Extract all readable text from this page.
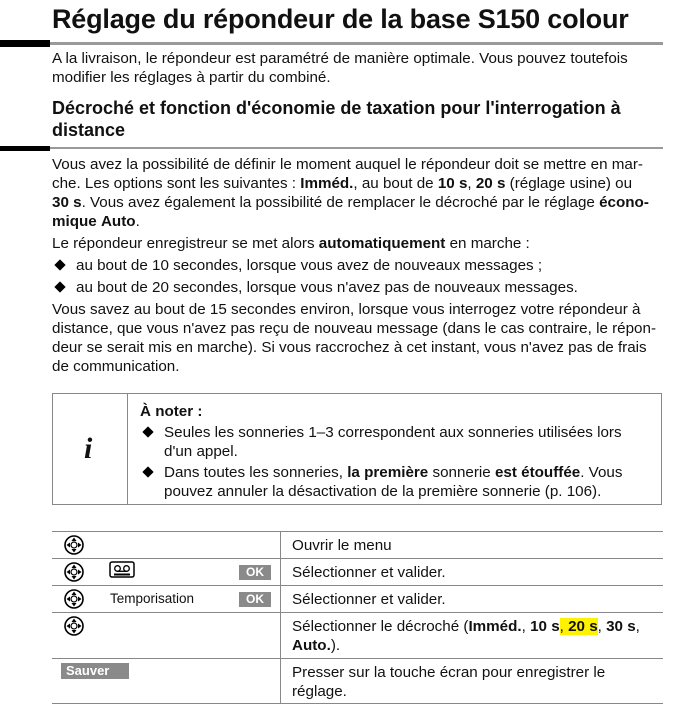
Réglage du répondeur de la base S150 colour
A la livraison, le répondeur est paramétré de manière optimale. Vous pouvez toutefois
modifier les réglages à partir du combiné.
Décroché et fonction d'économie de taxation pour l'interrogation à
distance
Vous avez la possibilité de définir le moment auquel le répondeur doit se mettre en mar-
che. Les options sont les suivantes : Imméd., au bout de 10 s, 20 s (réglage usine) ou
30 s. Vous avez également la possibilité de remplacer le décroché par le réglage écono-
mique Auto.
Le répondeur enregistreur se met alors automatiquement en marche :
au bout de 10 secondes, lorsque vous avez de nouveaux messages ;
au bout de 20 secondes, lorsque vous n'avez pas de nouveaux messages.
Vous savez au bout de 15 secondes environ, lorsque vous interrogez votre répondeur à
distance, que vous n'avez pas reçu de nouveau message (dans le cas contraire, le répon-
deur se serait mis en marche). Si vous raccrochez à cet instant, vous n'avez pas de frais
de communication.
i
À noter :
Seules les sonneries 1–3 correspondent aux sonneries utilisées lors
d'un appel.
Dans toutes les sonneries, la première sonnerie est étouffée. Vous
pouvez annuler la désactivation de la première sonnerie (p. 106).
Ouvrir le menu
OK	Sélectionner et valider.
Temporisation	OK	Sélectionner et valider.
Sélectionner le décroché (Imméd., 10 s, 20 s, 30 s,
Auto.).
Sauver	Presser sur la touche écran pour enregistrer le
réglage.
